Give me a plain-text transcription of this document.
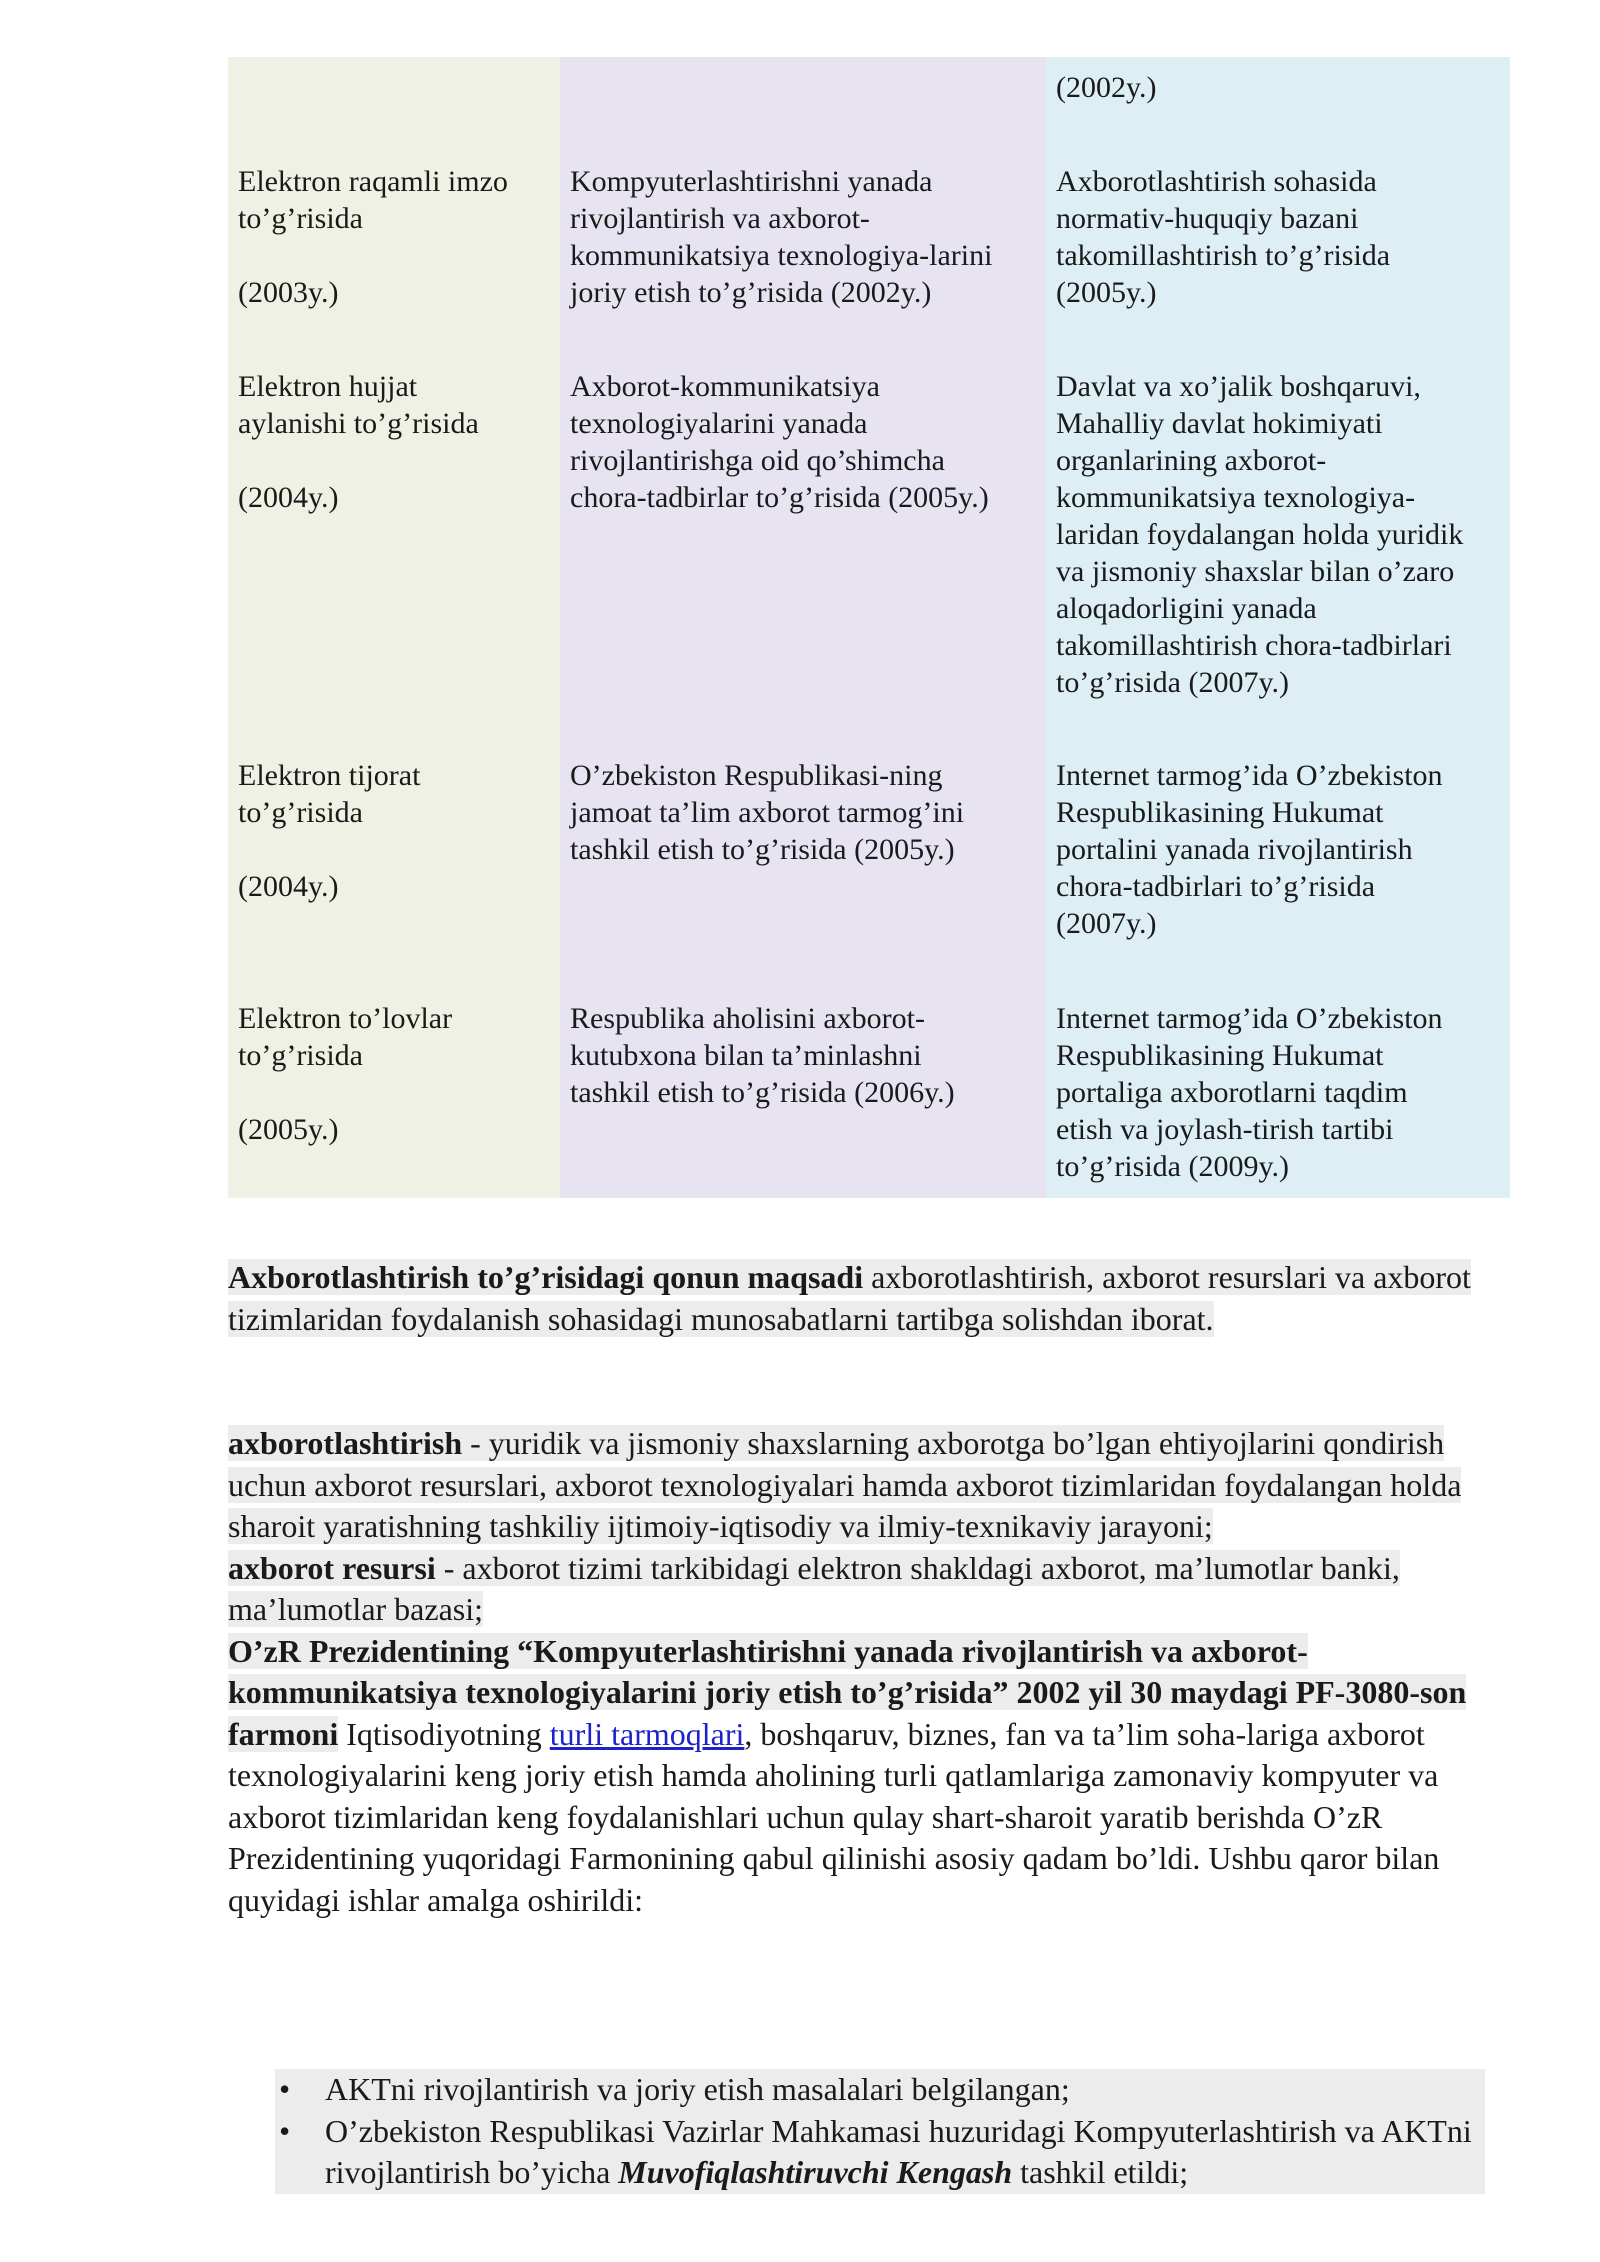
Elektron raqamli imzo
to’g’risida

(2003y.)
Elektron hujjat
aylanishi to’g’risida

(2004y.)
Elektron tijorat
to’g’risida

(2004y.)
Elektron to’lovlar
to’g’risida

(2005y.)
Kompyuterlashtirishni yanada
rivojlantirish va axborot-
kommunikatsiya texnologiya-larini
joriy etish to’g’risida (2002y.)
Axborot-kommunikatsiya
texnologiyalarini yanada
rivojlantirishga oid qo’shimcha
chora-tadbirlar to’g’risida (2005y.)
O’zbekiston Respublikasi-ning
jamoat ta’lim axborot tarmog’ini
tashkil etish to’g’risida (2005y.)
Respublika aholisini axborot-
kutubxona bilan ta’minlashni
tashkil etish to’g’risida (2006y.)
(2002y.)
Axborotlashtirish sohasida
normativ-huquqiy bazani
takomillashtirish to’g’risida
(2005y.)
Davlat va xo’jalik boshqaruvi,
Mahalliy davlat hokimiyati
organlarining axborot-
kommunikatsiya texnologiya-
laridan foydalangan holda yuridik
va jismoniy shaxslar bilan o’zaro
aloqadorligini yanada
takomillashtirish chora-tadbirlari
to’g’risida (2007y.)
Internet tarmog’ida O’zbekiston
Respublikasining Hukumat
portalini yanada rivojlantirish
chora-tadbirlari to’g’risida
(2007y.)
Internet tarmog’ida O’zbekiston
Respublikasining Hukumat
portaliga axborotlarni taqdim
etish va joylash-tirish tartibi
to’g’risida (2009y.)

Axborotlashtirish to’g’risidagi qonun maqsadi axborotlashtirish, axborot resurslari va axborot tizimlaridan foydalanish sohasidagi munosabatlarni tartibga solishdan iborat.

axborotlashtirish - yuridik va jismoniy shaxslarning axborotga bo’lgan ehtiyojlarini qondirish uchun axborot resurslari, axborot texnologiyalari hamda axborot tizimlaridan foydalangan holda sharoit yaratishning tashkiliy ijtimoiy-iqtisodiy va ilmiy-texnikaviy jarayoni;
axborot resursi - axborot tizimi tarkibidagi elektron shakldagi axborot, ma’lumotlar banki, ma’lumotlar bazasi;
O’zR Prezidentining “Kompyuterlashtirishni yanada rivojlantirish va axborot-kommunikatsiya texnologiyalarini joriy etish to’g’risida” 2002 yil 30 maydagi PF-3080-son farmoni Iqtisodiyotning turli tarmoqlari, boshqaruv, biznes, fan va ta’lim soha-lariga axborot texnologiyalarini keng joriy etish hamda aholining turli qatlamlariga zamonaviy kompyuter va axborot tizimlaridan keng foydalanishlari uchun qulay shart-sharoit yaratib berishda O’zR Prezidentining yuqoridagi Farmonining qabul qilinishi asosiy qadam bo’ldi. Ushbu qaror bilan quyidagi ishlar amalga oshirildi:
• AKTni rivojlantirish va joriy etish masalalari belgilangan;
• O’zbekiston Respublikasi Vazirlar Mahkamasi huzuridagi Kompyuterlashtirish va AKTni rivojlantirish bo’yicha Muvofiqlashtiruvchi Kengash tashkil etildi;
